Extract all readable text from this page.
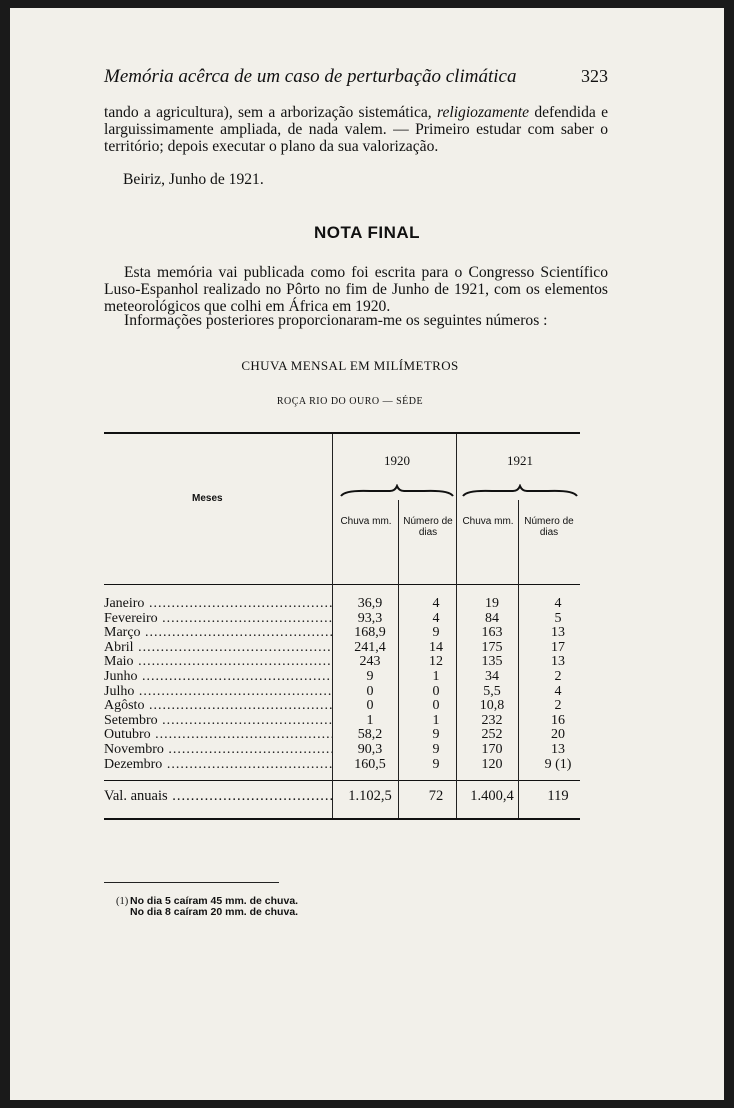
Memória acêrca de um caso de perturbação climática	323
tando a agricultura), sem a arborização sistemática, religiozamente defendida e larguissimamente ampliada, de nada valem. — Primeiro estudar com saber o território; depois executar o plano da sua valorização.
Beiriz, Junho de 1921.
NOTA FINAL
Esta memória vai publicada como foi escrita para o Congresso Scientífico Luso-Espanhol realizado no Pôrto no fim de Junho de 1921, com os elementos meteorológicos que colhi em África em 1920.
Informações posteriores proporcionaram-me os seguintes números :
CHUVA MENSAL EM MILÍMETROS
ROÇA RIO DO OURO — SÉDE
1920	1921
Meses
Chuva mm. Número de dias
Chuva mm. Número de dias
Janeiro .....	36,9	4	19	4
Fevereiro .....	93,3	4	84	5
Março .....	168,9	9	163	13
Abril .....	241,4	14	175	17
Maio .....	243	12	135	13
Junho .....	9	1	34	2
Julho .....	0	0	5,5	4
Agôsto .....	0	0	10,8	2
Setembro .....	1	1	232	16
Outubro .....	58,2	9	252	20
Novembro .....	90,3	9	170	13
Dezembro .....	160,5	9	120	9 (1)
Val. anuais .....	1.102,5	72	1.400,4	119
(1) No dia 5 caíram 45 mm. de chuva.
No dia 8 caíram 20 mm. de chuva.
